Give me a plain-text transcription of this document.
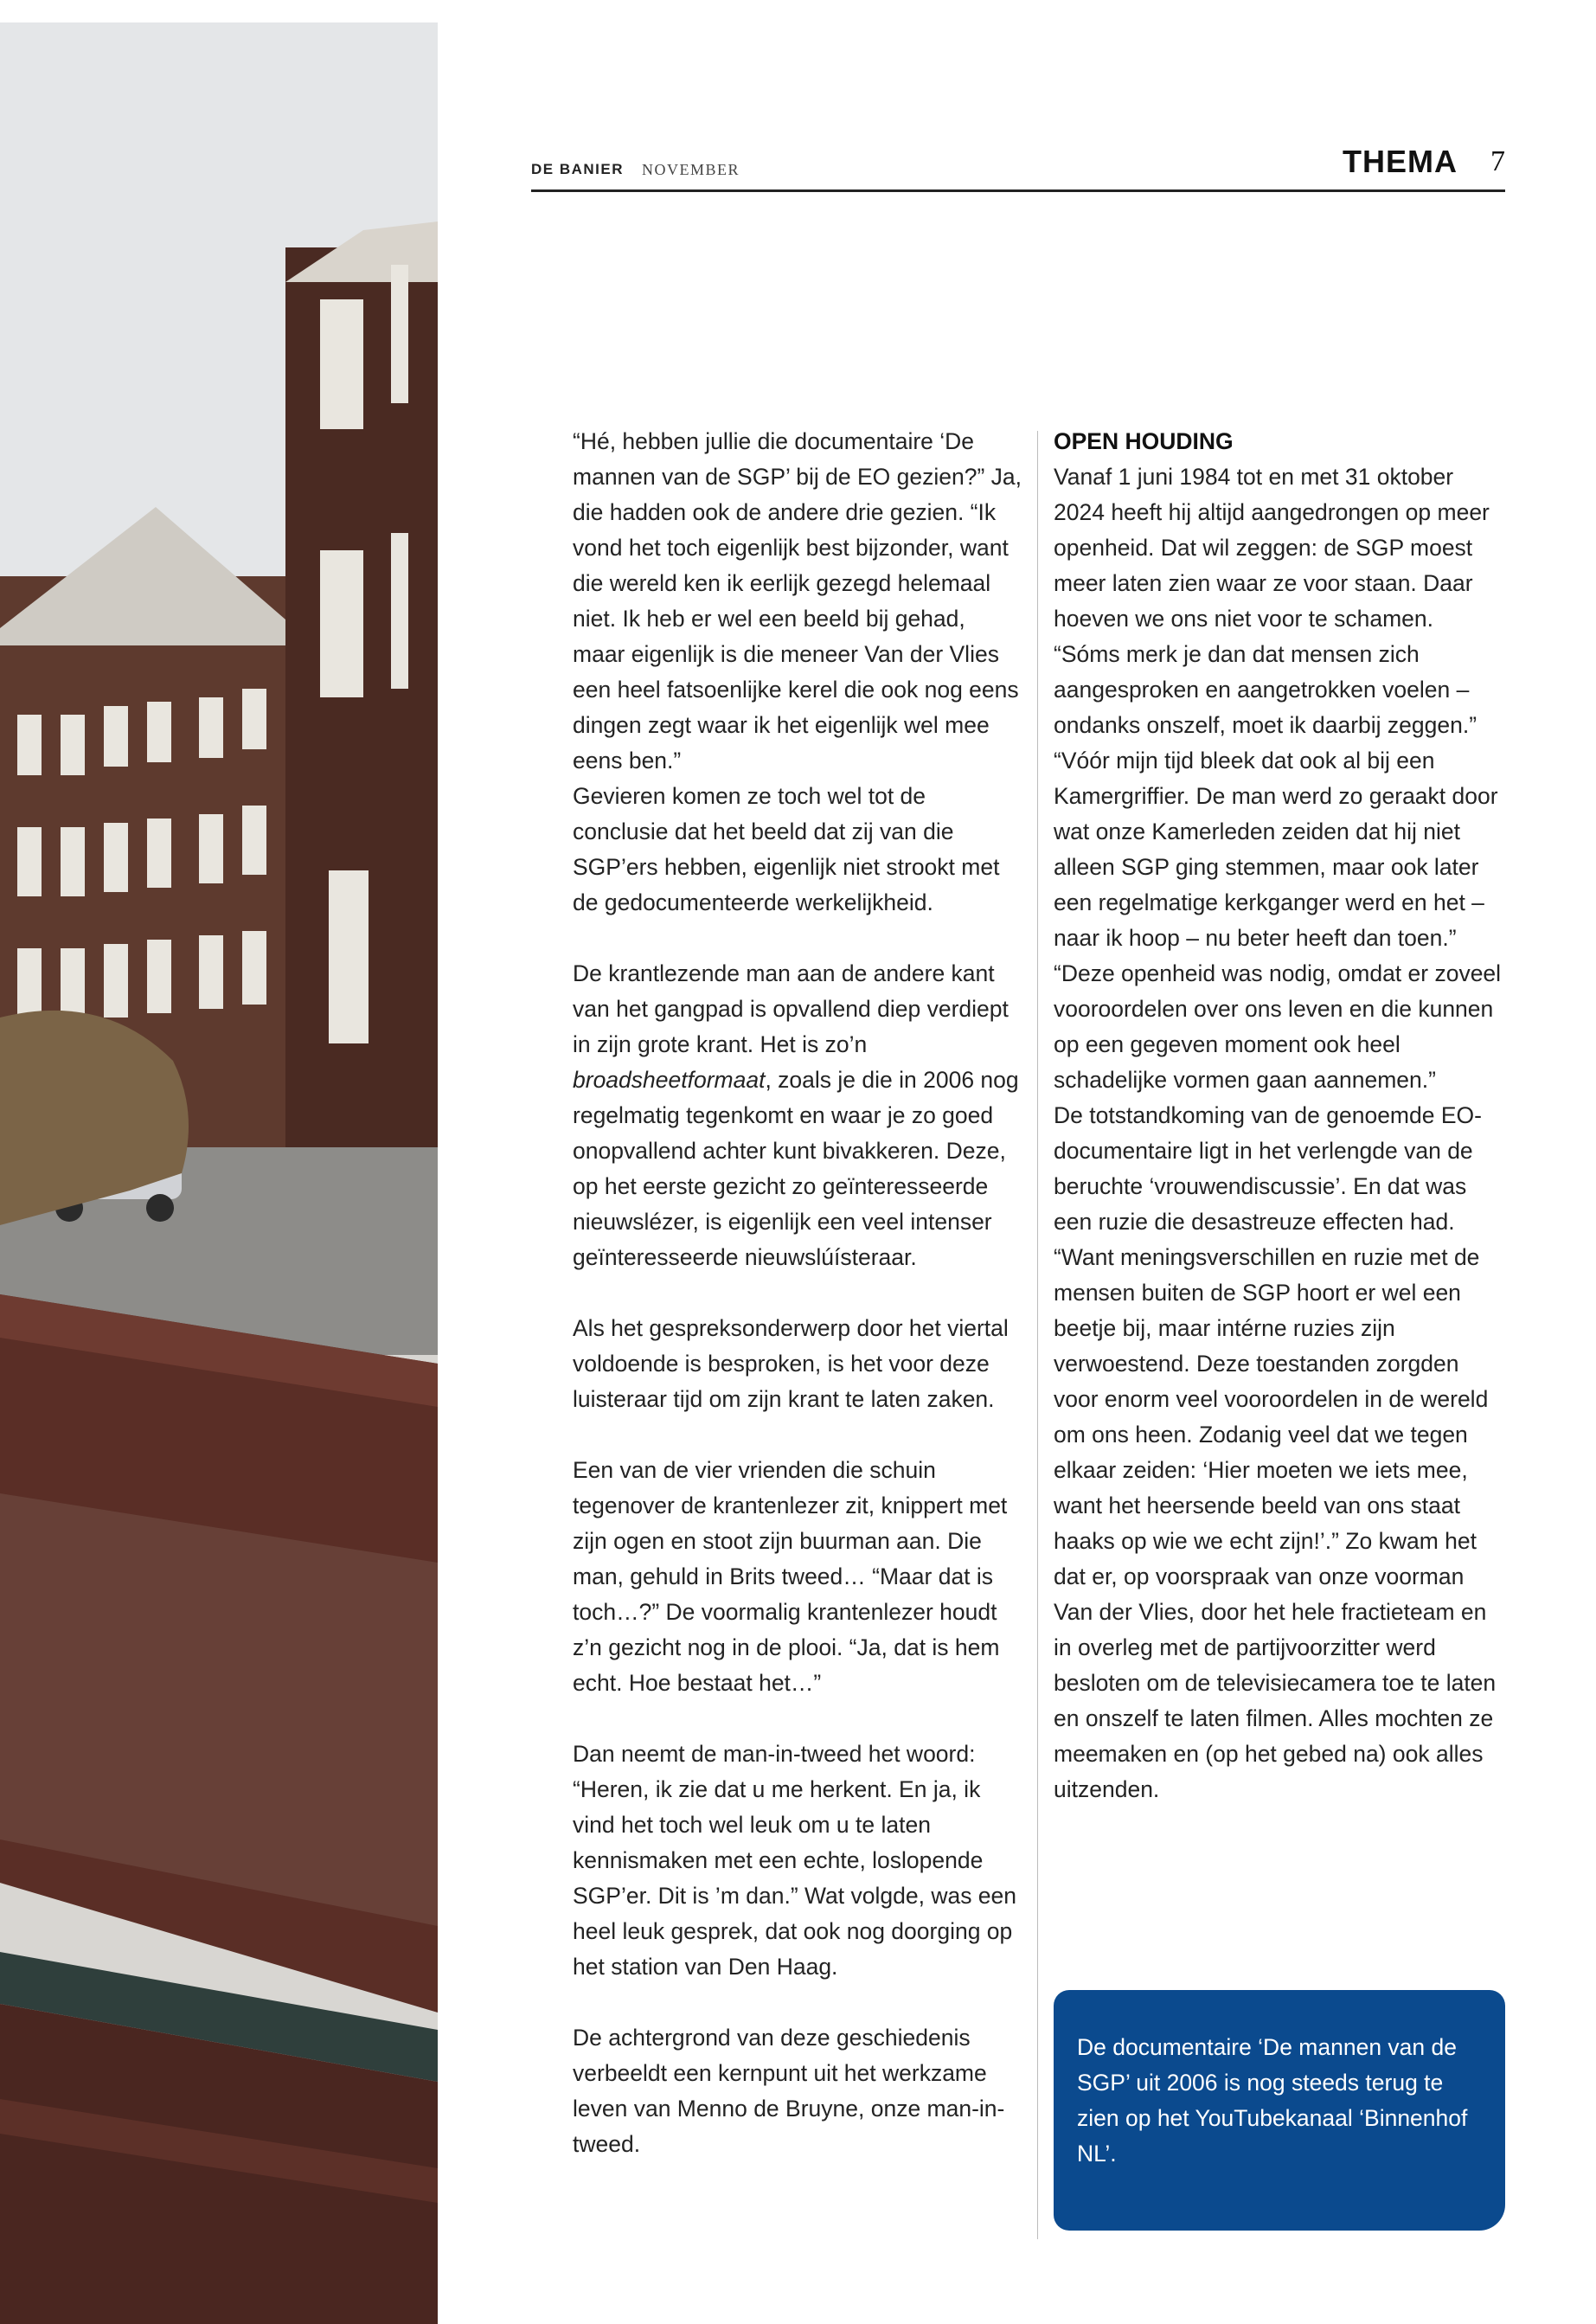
DE BANIER NOVEMBER	THEMA 7

“Hé, hebben jullie die documentaire ‘De mannen van de SGP’ bij de EO gezien?” Ja, die hadden ook de andere drie gezien. “Ik vond het toch eigenlijk best bijzonder, want die wereld ken ik eerlijk gezegd helemaal niet. Ik heb er wel een beeld bij gehad, maar eigenlijk is die meneer Van der Vlies een heel fatsoenlijke kerel die ook nog eens dingen zegt waar ik het eigenlijk wel mee eens ben.”

Gevieren komen ze toch wel tot de conclusie dat het beeld dat zij van die SGP’ers hebben, eigenlijk niet strookt met de gedocumenteerde werkelijkheid.

De krantlezende man aan de andere kant van het gangpad is opvallend diep verdiept in zijn grote krant. Het is zo’n broadsheetformaat, zoals je die in 2006 nog regelmatig tegenkomt en waar je zo goed onopvallend achter kunt bivakkeren. Deze, op het eerste gezicht zo geïnteresseerde nieuwslézer, is eigenlijk een veel intenser geïnteresseerde nieuwslúísteraar.

Als het gespreksonderwerp door het viertal voldoende is besproken, is het voor deze luisteraar tijd om zijn krant te laten zaken.

Een van de vier vrienden die schuin tegenover de krantenlezer zit, knippert met zijn ogen en stoot zijn buurman aan. Die man, gehuld in Brits tweed… “Maar dat is toch…?” De voormalig krantenlezer houdt z’n gezicht nog in de plooi. “Ja, dat is hem echt. Hoe bestaat het…”

Dan neemt de man-in-tweed het woord: “Heren, ik zie dat u me herkent. En ja, ik vind het toch wel leuk om u te laten kennismaken met een echte, loslopende SGP’er. Dit is ’m dan.” Wat volgde, was een heel leuk gesprek, dat ook nog doorging op het station van Den Haag.

De achtergrond van deze geschiedenis verbeeldt een kernpunt uit het werkzame leven van Menno de Bruyne, onze man-in-tweed.

OPEN HOUDING

Vanaf 1 juni 1984 tot en met 31 oktober 2024 heeft hij altijd aangedrongen op meer openheid. Dat wil zeggen: de SGP moest meer laten zien waar ze voor staan. Daar hoeven we ons niet voor te schamen. “Sóms merk je dan dat mensen zich aangesproken en aangetrokken voelen – ondanks onszelf, moet ik daarbij zeggen.”

“Vóór mijn tijd bleek dat ook al bij een Kamergriffier. De man werd zo geraakt door wat onze Kamerleden zeiden dat hij niet alleen SGP ging stemmen, maar ook later een regelmatige kerkganger werd en het – naar ik hoop – nu beter heeft dan toen.”

“Deze openheid was nodig, omdat er zoveel vooroordelen over ons leven en die kunnen op een gegeven moment ook heel schadelijke vormen gaan aannemen.”

De totstandkoming van de genoemde EO-documentaire ligt in het verlengde van de beruchte ‘vrouwendiscussie’. En dat was een ruzie die desastreuze effecten had. “Want meningsverschillen en ruzie met de mensen buiten de SGP hoort er wel een beetje bij, maar intérne ruzies zijn verwoestend. Deze toestanden zorgden voor enorm veel vooroordelen in de wereld om ons heen. Zodanig veel dat we tegen elkaar zeiden: ‘Hier moeten we iets mee, want het heersende beeld van ons staat haaks op wie we echt zijn!’.” Zo kwam het dat er, op voorspraak van onze voorman Van der Vlies, door het hele fractieteam en in overleg met de partijvoorzitter werd besloten om de televisiecamera toe te laten en onszelf te laten filmen. Alles mochten ze meemaken en (op het gebed na) ook alles uitzenden.

De documentaire ‘De mannen van de SGP’ uit 2006 is nog steeds terug te zien op het YouTubekanaal ‘Binnenhof NL’.
